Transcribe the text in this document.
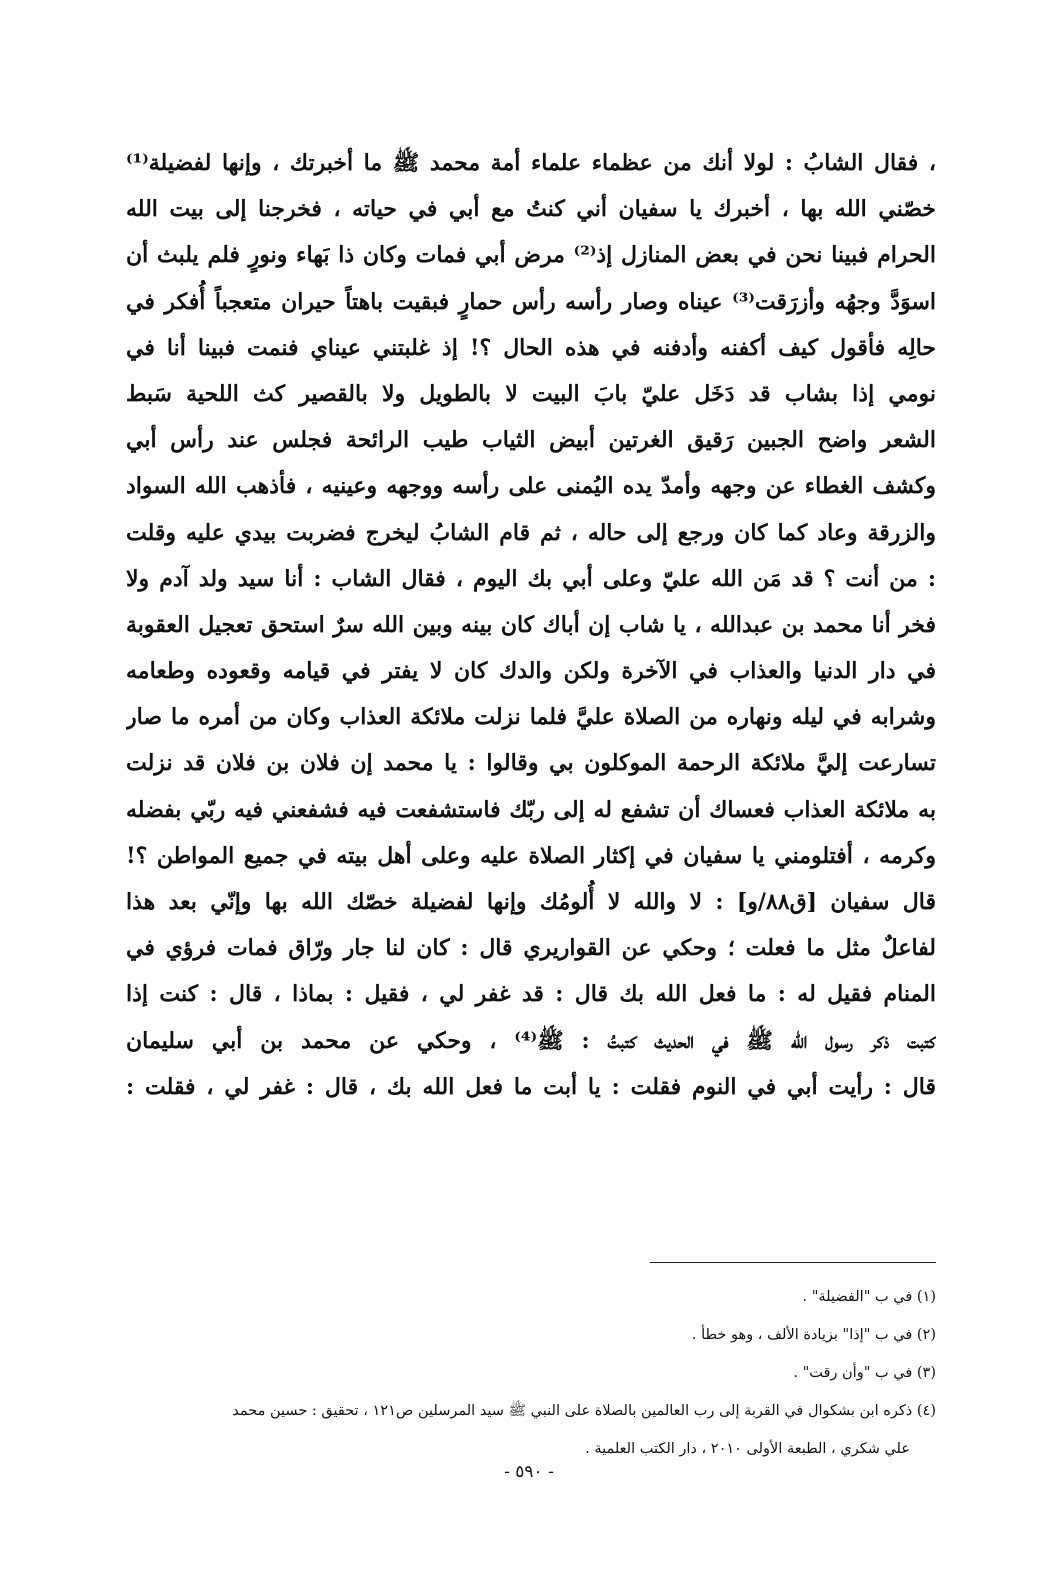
، فقال الشابُ : لولا أنك من عظماء علماء أمة محمد ﷺ ما أخبرتك ، وإنها لفضيلة⁽¹⁾
خصّني الله بها ، أخبرك يا سفيان أني كنتُ مع أبي في حياته ، فخرجنا إلى بيت الله
الحرام فبينا نحن في بعض المنازل إذ⁽²⁾ مرض أبي فمات وكان ذا بَهاء ونورٍ فلم يلبث أن
اسوَدَّ وجهُه وأزرَقت⁽³⁾ عيناه وصار رأسه رأس حمارٍ فبقيت باهتاً حيران متعجباً أُفكر في
حالِه فأقول كيف أكفنه وأدفنه في هذه الحال ؟! إذ غلبتني عيناي فنمت فبينا أنا في
نومي إذا بشاب قد دَخَل عليّ بابَ البيت لا بالطويل ولا بالقصير كث اللحية سَبط
الشعر واضح الجبين رَقيق الغرتين أبيض الثياب طيب الرائحة فجلس عند رأس أبي
وكشف الغطاء عن وجهه وأمدّ يده اليُمنى على رأسه ووجهه وعينيه ، فأذهب الله السواد
والزرقة وعاد كما كان ورجع إلى حاله ، ثم قام الشابُ ليخرج فضربت بيدي عليه وقلت
: من أنت ؟ قد مَن الله عليّ وعلى أبي بك اليوم ، فقال الشاب : أنا سيد ولد آدم ولا
فخر أنا محمد بن عبدالله ، يا شاب إن أباك كان بينه وبين الله سرٌ استحق تعجيل العقوبة
في دار الدنيا والعذاب في الآخرة ولكن والدك كان لا يفتر في قيامه وقعوده وطعامه
وشرابه في ليله ونهاره من الصلاة عليَّ فلما نزلت ملائكة العذاب وكان من أمره ما صار
تسارعت إليَّ ملائكة الرحمة الموكلون بي وقالوا : يا محمد إن فلان بن فلان قد نزلت
به ملائكة العذاب فعساك أن تشفع له إلى ربّك فاستشفعت فيه فشفعني فيه ربّي بفضله
وكرمه ، أفتلومني يا سفيان في إكثار الصلاة عليه وعلى أهل بيته في جميع المواطن ؟!
قال سفيان [ق٨٨/و] : لا والله لا أُلومُك وإنها لفضيلة خصّك الله بها وإنّي بعد هذا
لفاعلٌ مثل ما فعلت ؛ وحكي عن القواريري قال : كان لنا جار ورّاق فمات فرؤي في
المنام فقيل له : ما فعل الله بك قال : قد غفر لي ، فقيل : بماذا ، قال : كنت إذا
كتبت ذكر رسول الله ﷺ في الحديث كتبتُ : ﷺ⁽⁴⁾ ، وحكي عن محمد بن أبي سليمان
قال : رأيت أبي في النوم فقلت : يا أبت ما فعل الله بك ، قال : غفر لي ، فقلت :
(١) في ب "الفضيلة" .
(٢) في ب "إذا" بزيادة الألف ، وهو خطأ .
(٣) في ب "وأن رقت" .
(٤) ذكره ابن بشكوال في القربة إلى رب العالمين بالصلاة على النبي ﷺ سيد المرسلين ص١٢١ ، تحقيق : حسين محمد
علي شكري ، الطبعة الأولى ٢٠١٠ ، دار الكتب العلمية .
- ٥٩٠ -
